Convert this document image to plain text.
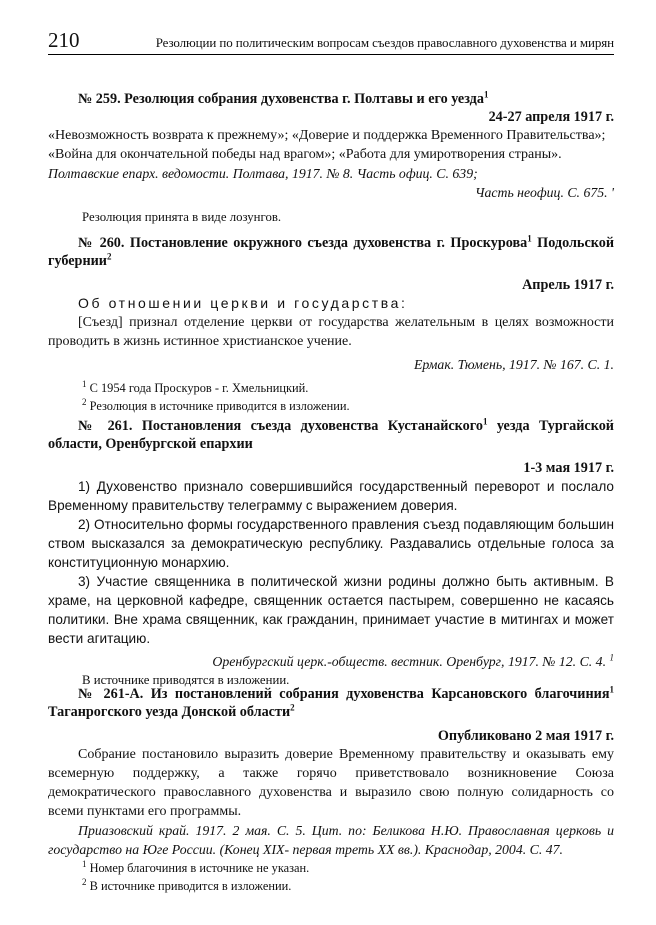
210	Резолюции по политическим вопросам съездов православного духовенства и мирян

№ 259. Резолюция собрания духовенства г. Полтавы и его уезда$^1$

24-27 апреля 1917 г.

«Невозможность возврата к прежнему»; «Доверие и поддержка Временного Правительства»;

«Война для окончательной победы над врагом»; «Работа для умиротворения страны».

Полтавские епарх. ведомости. Полтава, 1917. № 8. Часть офиц. С. 639;

Часть неофиц. С. 675. '

Резолюция принята в виде лозунгов.

№ 260. Постановление окружного съезда духовенства г. Проскурова$^1$ Подольской губернии$^2$

Апрель 1917 г.

Об отношении церкви и государства:

[Съезд] признал отделение церкви от государства желательным в целях возможности проводить в жизнь истинное христианское учение.

Ермак. Тюмень, 1917. № 167. С. 1.

$^1$ С 1954 года Проскуров - г. Хмельницкий.

$^2$ Резолюция в источнике приводится в изложении.

№ 261. Постановления съезда духовенства Кустанайского$^1$ уезда Тургайской области, Оренбургской епархии

1-3 мая 1917 г.

1) Духовенство признало совершившийся государственный переворот и послало Временному правительству телеграмму с выражением доверия.

2) Относительно формы государственного правления съезд подавляющим большин ством высказался за демократическую республику. Раздавались отдельные голоса за конституционную монархию.

3) Участие священника в политической жизни родины должно быть активным. В храме, на церковной кафедре, священник остается пастырем, совершенно не касаясь политики. Вне храма священник, как гражданин, принимает участие в митингах и может вести агитацию.

Оренбургский церк.-обществ. вестник. Оренбург, 1917. № 12. С. 4. $^1$

В источнике приводятся в изложении.

№ 261-А. Из постановлений собрания духовенства Карсановского благочиния$^1$ Таганрогского уезда Донской области$^2$

Опубликовано 2 мая 1917 г.

Собрание постановило выразить доверие Временному правительству и оказывать ему всемерную поддержку, а также горячо приветствовало возникновение Союза демократического православного духовенства и выразило свою полную солидарность со всеми пунктами его программы.

Приазовский край. 1917. 2 мая. С. 5. Цит. по: Беликова Н.Ю. Православная церковь и государство на Юге России. (Конец XIX- первая треть XX вв.). Краснодар, 2004. С. 47.

$^1$ Номер благочиния в источнике не указан.

$^2$ В источнике приводится в изложении.
